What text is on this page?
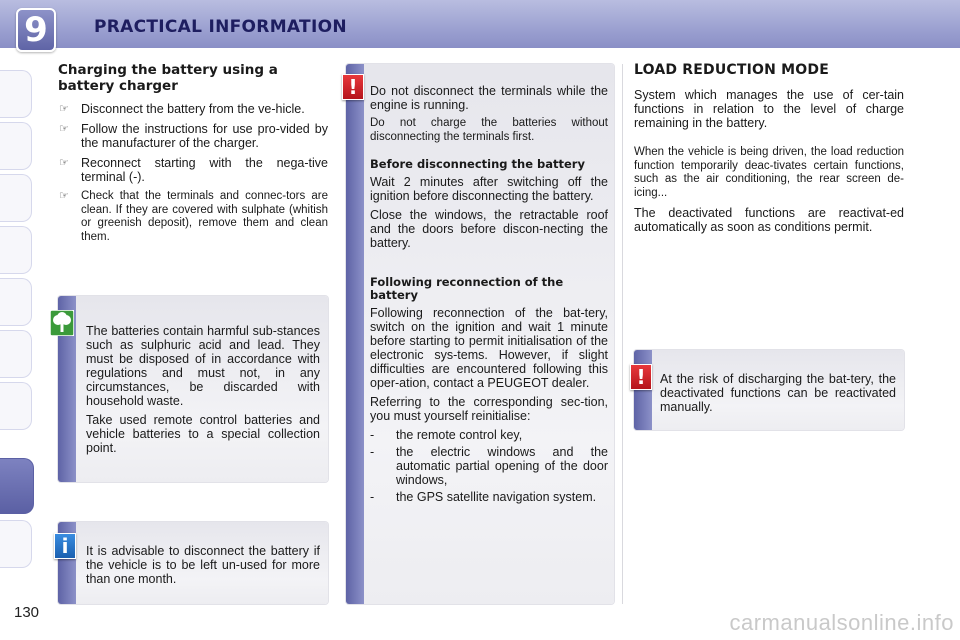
9	PRACTICAL INFORMATION
Charging the battery using a battery charger
☞ Disconnect the battery from the ve-hicle.
☞ Follow the instructions for use pro-vided by the manufacturer of the charger.
☞ Reconnect starting with the nega-tive terminal (-).
☞ Check that the terminals and connec-tors are clean. If they are covered with sulphate (whitish or greenish deposit), remove them and clean them.

The batteries contain harmful sub-stances such as sulphuric acid and lead. They must be disposed of in accordance with regulations and must not, in any circumstances, be discarded with household waste.

Take used remote control batteries and vehicle batteries to a special collection point.

It is advisable to disconnect the battery if the vehicle is to be left un-used for more than one month.

i

Do not disconnect the terminals while the engine is running.

Do not charge the batteries without disconnecting the terminals first.

Before disconnecting the battery

Wait 2 minutes after switching off the ignition before disconnecting the battery.

Close the windows, the retractable roof and the doors before discon-necting the battery.

Following reconnection of the battery

Following reconnection of the bat-tery, switch on the ignition and wait 1 minute before starting to permit initialisation of the electronic sys-tems. However, if slight difficulties are encountered following this oper-ation, contact a PEUGEOT dealer.

Referring to the corresponding sec-tion, you must yourself reinitialise:

- the remote control key,
- the electric windows and the automatic partial opening of the door windows,
- the GPS satellite navigation system.
!
LOAD REDUCTION MODE

System which manages the use of cer-tain functions in relation to the level of charge remaining in the battery.

When the vehicle is being driven, the load reduction function temporarily deac-tivates certain functions, such as the air conditioning, the rear screen de-icing...

The deactivated functions are reactivat-ed automatically as soon as conditions permit.

At the risk of discharging the bat-tery, the deactivated functions can be reactivated manually.

!
130	carmanualsonline.info
